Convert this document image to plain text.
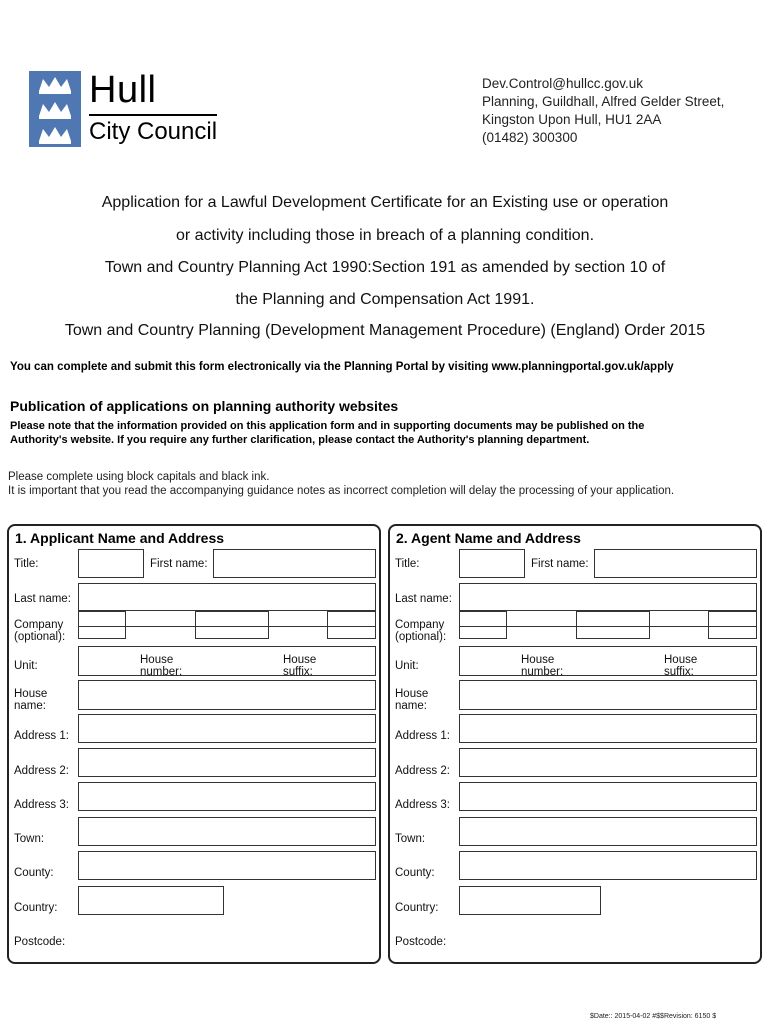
Hull
City Council
Dev.Control@hullcc.gov.uk
Planning, Guildhall, Alfred Gelder Street,
Kingston Upon Hull, HU1 2AA
(01482) 300300
Application for a Lawful Development Certificate for an Existing use or operation
or activity including those in breach of a planning condition.
Town and Country Planning Act 1990:Section 191 as amended by section 10 of
the Planning and Compensation Act 1991.
Town and Country Planning (Development Management Procedure) (England) Order 2015
You can complete and submit this form electronically via the Planning Portal by visiting www.planningportal.gov.uk/apply
Publication of applications on planning authority websites
Please note that the information provided on this application form and in supporting documents may be published on the
Authority's website. If you require any further clarification, please contact the Authority's planning department.
Please complete using block capitals and black ink.
It is important that you read the accompanying guidance notes as incorrect completion will delay the processing of your application.
1. Applicant Name and Address
Title:	First name:
Last name:
Company
(optional):
Unit:	House
number:
House
suffix:
House
name:
Address 1:
Address 2:
Address 3:
Town:
County:
Country:
Postcode:
2. Agent Name and Address
Title:	First name:
Last name:
Company
(optional):
Unit:	House
number:
House
suffix:
House
name:
Address 1:
Address 2:
Address 3:
Town:
County:
Country:
Postcode:
$Date:: 2015-04-02 #$$Revision: 6150 $
